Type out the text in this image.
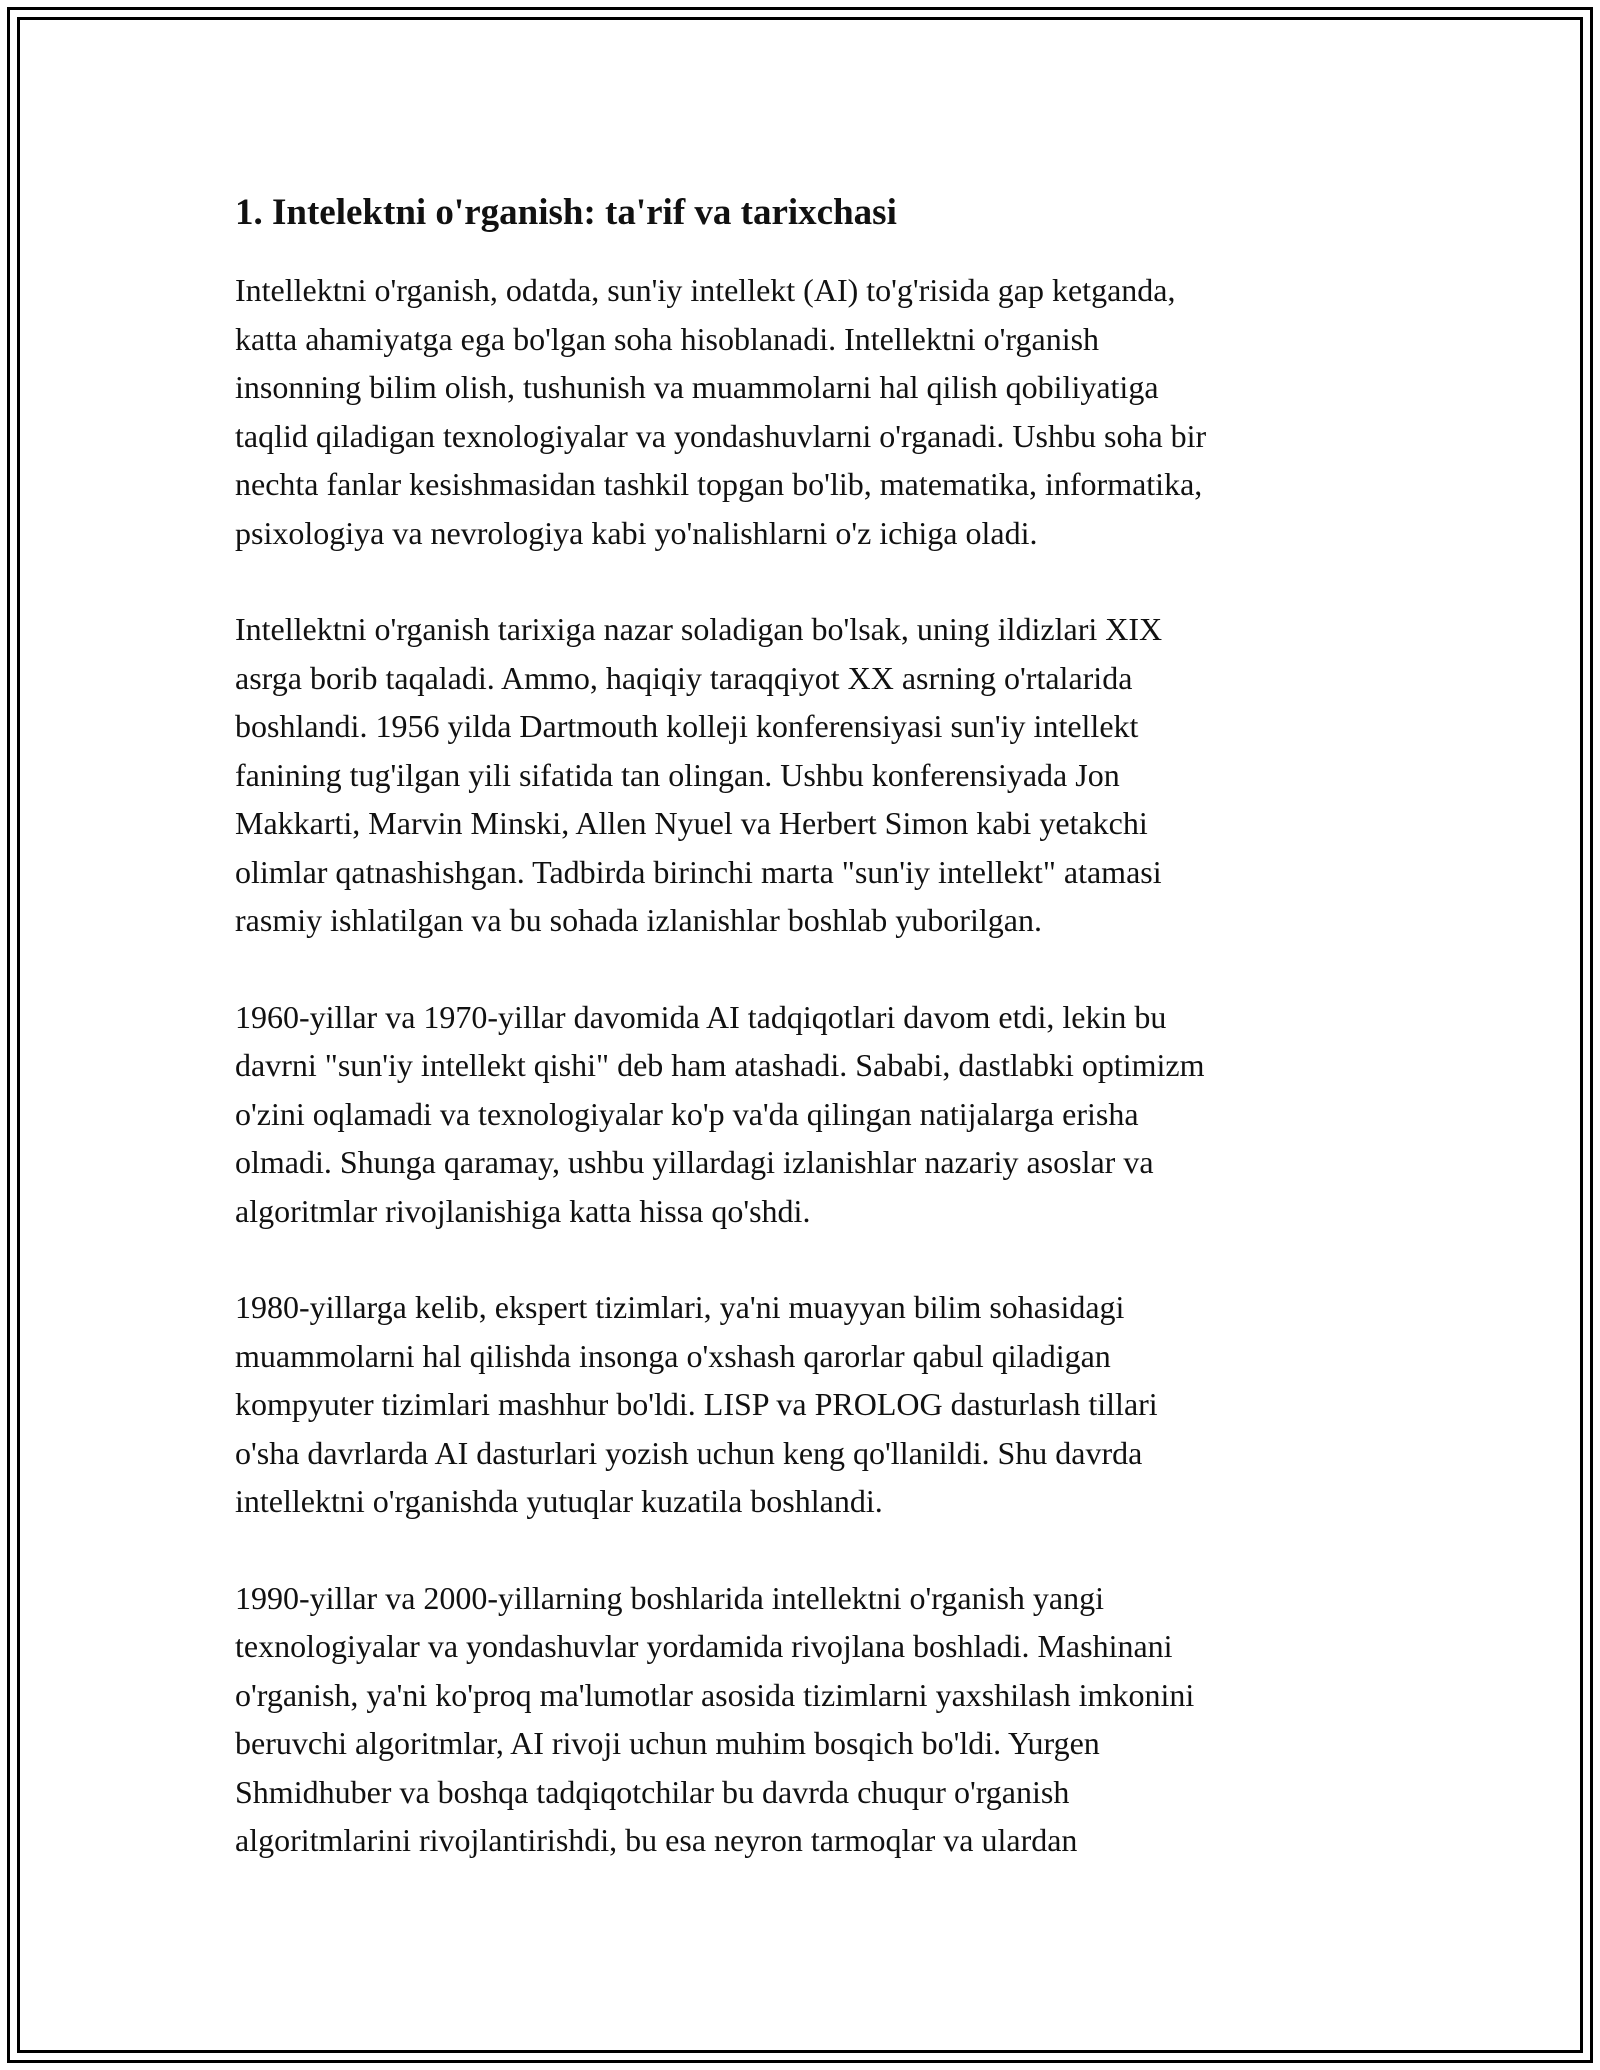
1. Intelektni o'rganish: ta'rif va tarixchasi
Intellektni o'rganish, odatda, sun'iy intellekt (AI) to'g'risida gap ketganda,
katta ahamiyatga ega bo'lgan soha hisoblanadi. Intellektni o'rganish
insonning bilim olish, tushunish va muammolarni hal qilish qobiliyatiga
taqlid qiladigan texnologiyalar va yondashuvlarni o'rganadi. Ushbu soha bir
nechta fanlar kesishmasidan tashkil topgan bo'lib, matematika, informatika,
psixologiya va nevrologiya kabi yo'nalishlarni o'z ichiga oladi.
Intellektni o'rganish tarixiga nazar soladigan bo'lsak, uning ildizlari XIX
asrga borib taqaladi. Ammo, haqiqiy taraqqiyot XX asrning o'rtalarida
boshlandi. 1956 yilda Dartmouth kolleji konferensiyasi sun'iy intellekt
fanining tug'ilgan yili sifatida tan olingan. Ushbu konferensiyada Jon
Makkarti, Marvin Minski, Allen Nyuel va Herbert Simon kabi yetakchi
olimlar qatnashishgan. Tadbirda birinchi marta "sun'iy intellekt" atamasi
rasmiy ishlatilgan va bu sohada izlanishlar boshlab yuborilgan.
1960-yillar va 1970-yillar davomida AI tadqiqotlari davom etdi, lekin bu
davrni "sun'iy intellekt qishi" deb ham atashadi. Sababi, dastlabki optimizm
o'zini oqlamadi va texnologiyalar ko'p va'da qilingan natijalarga erisha
olmadi. Shunga qaramay, ushbu yillardagi izlanishlar nazariy asoslar va
algoritmlar rivojlanishiga katta hissa qo'shdi.
1980-yillarga kelib, ekspert tizimlari, ya'ni muayyan bilim sohasidagi
muammolarni hal qilishda insonga o'xshash qarorlar qabul qiladigan
kompyuter tizimlari mashhur bo'ldi. LISP va PROLOG dasturlash tillari
o'sha davrlarda AI dasturlari yozish uchun keng qo'llanildi. Shu davrda
intellektni o'rganishda yutuqlar kuzatila boshlandi.
1990-yillar va 2000-yillarning boshlarida intellektni o'rganish yangi
texnologiyalar va yondashuvlar yordamida rivojlana boshladi. Mashinani
o'rganish, ya'ni ko'proq ma'lumotlar asosida tizimlarni yaxshilash imkonini
beruvchi algoritmlar, AI rivoji uchun muhim bosqich bo'ldi. Yurgen
Shmidhuber va boshqa tadqiqotchilar bu davrda chuqur o'rganish
algoritmlarini rivojlantirishdi, bu esa neyron tarmoqlar va ulardan
